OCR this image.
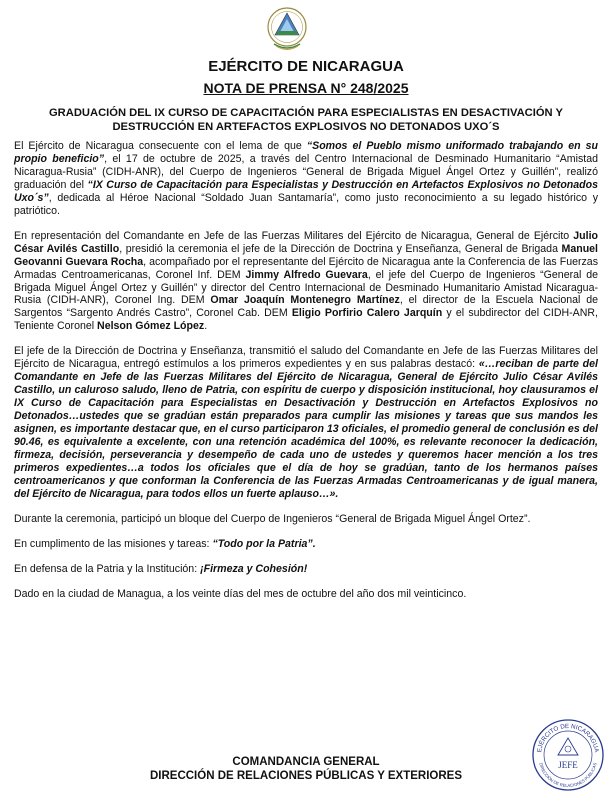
EJÉRCITO DE NICARAGUA
NOTA DE PRENSA N° 248/2025
GRADUACIÓN DEL IX CURSO DE CAPACITACIÓN PARA ESPECIALISTAS EN DESACTIVACIÓN Y DESTRUCCIÓN EN ARTEFACTOS EXPLOSIVOS NO DETONADOS UXO´S

El Ejército de Nicaragua consecuente con el lema de que “Somos el Pueblo mismo uniformado trabajando en su propio beneficio”, el 17 de octubre de 2025, a través del Centro Internacional de Desminado Humanitario “Amistad Nicaragua-Rusia” (CIDH-ANR), del Cuerpo de Ingenieros “General de Brigada Miguel Ángel Ortez y Guillén”, realizó graduación del “IX Curso de Capacitación para Especialistas y Destrucción en Artefactos Explosivos no Detonados Uxo´s”, dedicada al Héroe Nacional “Soldado Juan Santamaría”, como justo reconocimiento a su legado histórico y patriótico.

En representación del Comandante en Jefe de las Fuerzas Militares del Ejército de Nicaragua, General de Ejército Julio César Avilés Castillo, presidió la ceremonia el jefe de la Dirección de Doctrina y Enseñanza, General de Brigada Manuel Geovanni Guevara Rocha, acompañado por el representante del Ejército de Nicaragua ante la Conferencia de las Fuerzas Armadas Centroamericanas, Coronel Inf. DEM Jimmy Alfredo Guevara, el jefe del Cuerpo de Ingenieros “General de Brigada Miguel Ángel Ortez y Guillén” y director del Centro Internacional de Desminado Humanitario Amistad Nicaragua-Rusia (CIDH-ANR), Coronel Ing. DEM Omar Joaquín Montenegro Martínez, el director de la Escuela Nacional de Sargentos “Sargento Andrés Castro”, Coronel Cab. DEM Eligio Porfirio Calero Jarquín y el subdirector del CIDH-ANR, Teniente Coronel Nelson Gómez López.

El jefe de la Dirección de Doctrina y Enseñanza, transmitió el saludo del Comandante en Jefe de las Fuerzas Militares del Ejército de Nicaragua, entregó estímulos a los primeros expedientes y en sus palabras destacó: «…reciban de parte del Comandante en Jefe de las Fuerzas Militares del Ejército de Nicaragua, General de Ejército Julio César Avilés Castillo, un caluroso saludo, lleno de Patria, con espíritu de cuerpo y disposición institucional, hoy clausuramos el IX Curso de Capacitación para Especialistas en Desactivación y Destrucción en Artefactos Explosivos no Detonados…ustedes que se gradúan están preparados para cumplir las misiones y tareas que sus mandos les asignen, es importante destacar que, en el curso participaron 13 oficiales, el promedio general de conclusión es del 90.46, es equivalente a excelente, con una retención académica del 100%, es relevante reconocer la dedicación, firmeza, decisión, perseverancia y desempeño de cada uno de ustedes y queremos hacer mención a los tres primeros expedientes…a todos los oficiales que el día de hoy se gradúan, tanto de los hermanos países centroamericanos y que conforman la Conferencia de las Fuerzas Armadas Centroamericanas y de igual manera, del Ejército de Nicaragua, para todos ellos un fuerte aplauso…».

Durante la ceremonia, participó un bloque del Cuerpo de Ingenieros “General de Brigada Miguel Ángel Ortez”.

En cumplimento de las misiones y tareas: “Todo por la Patria”.

En defensa de la Patria y la Institución: ¡Firmeza y Cohesión!

Dado en la ciudad de Managua, a los veinte días del mes de octubre del año dos mil veinticinco.

COMANDANCIA GENERAL
DIRECCIÓN DE RELACIONES PÚBLICAS Y EXTERIORES
EJÉRCITO DE NICARAGUA
DIRECCIÓN DE RELACIONES PÚBLICAS
JEFE
